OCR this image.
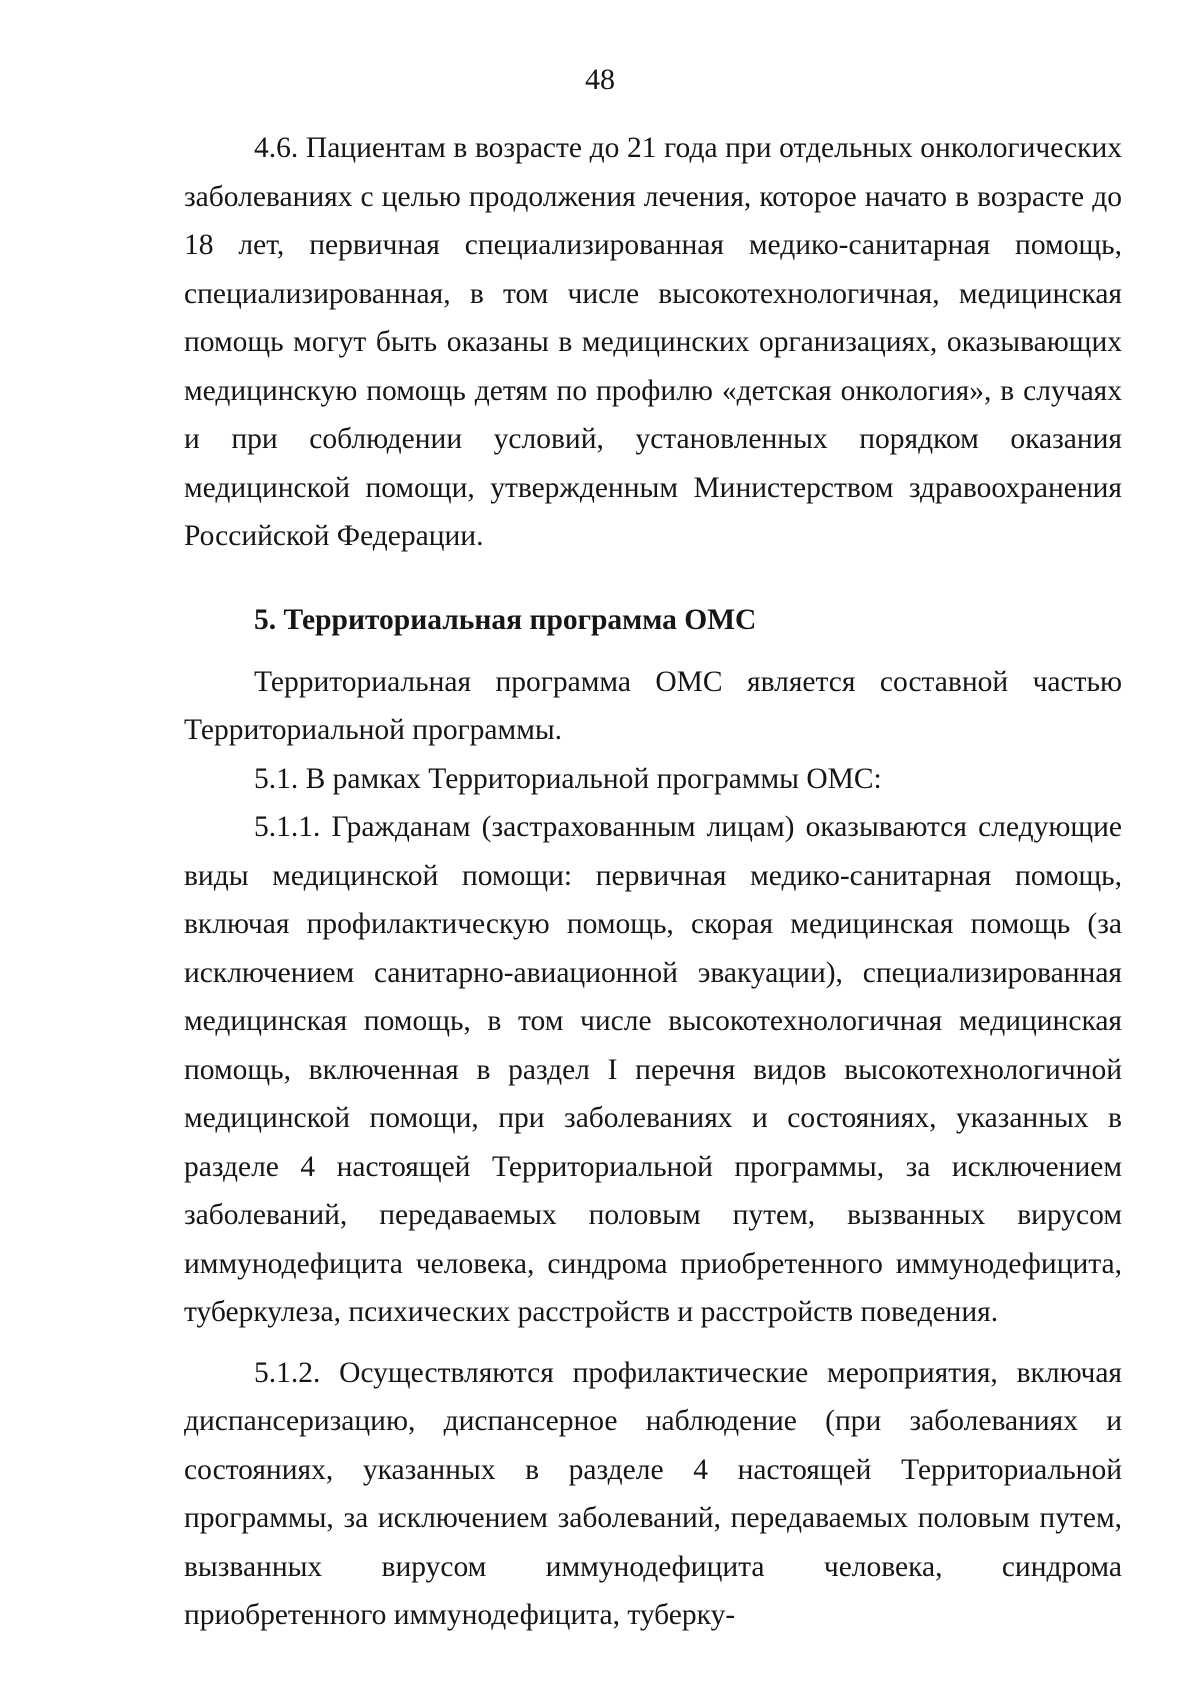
48

4.6. Пациентам в возрасте до 21 года при отдельных онкологических заболеваниях с целью продолжения лечения, которое начато в возрасте до 18 лет, первичная специализированная медико-санитарная помощь, специализированная, в том числе высокотехнологичная, медицинская помощь могут быть оказаны в медицинских организациях, оказывающих медицинскую помощь детям по профилю «детская онкология», в случаях и при соблюдении условий, установленных порядком оказания медицинской помощи, утвержденным Министерством здравоохранения Российской Федерации.

5. Территориальная программа ОМС

Территориальная программа ОМС является составной частью Территориальной программы.

5.1. В рамках Территориальной программы ОМС:

5.1.1. Гражданам (застрахованным лицам) оказываются следующие виды медицинской помощи: первичная медико-санитарная помощь, включая профилактическую помощь, скорая медицинская помощь (за исключением санитарно-авиационной эвакуации), специализированная медицинская помощь, в том числе высокотехнологичная медицинская помощь, включенная в раздел I перечня видов высокотехнологичной медицинской помощи, при заболеваниях и состояниях, указанных в разделе 4 настоящей Территориальной программы, за исключением заболеваний, передаваемых половым путем, вызванных вирусом иммунодефицита человека, синдрома приобретенного иммунодефицита, туберкулеза, психических расстройств и расстройств поведения.

5.1.2. Осуществляются профилактические мероприятия, включая диспансеризацию, диспансерное наблюдение (при заболеваниях и состояниях, указанных в разделе 4 настоящей Территориальной программы, за исключением заболеваний, передаваемых половым путем, вызванных вирусом иммунодефицита человека, синдрома приобретенного иммунодефицита, туберку-
